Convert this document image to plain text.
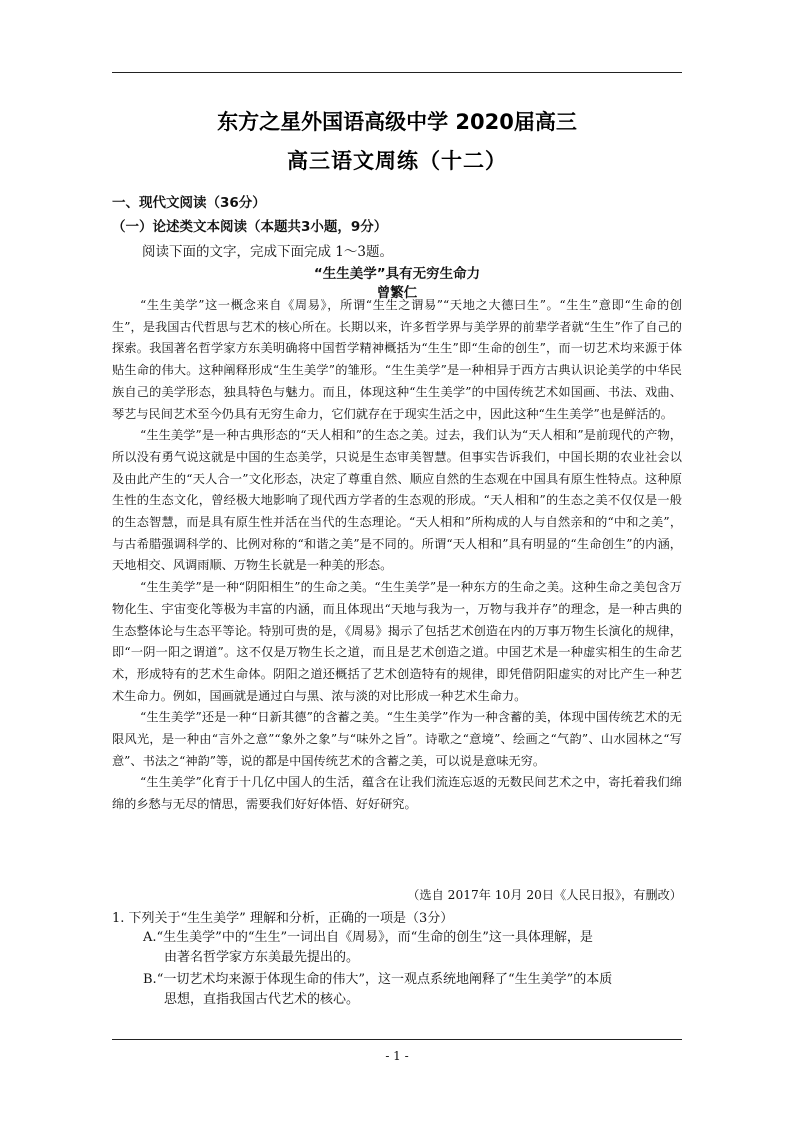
东方之星外国语高级中学 2020届高三
高三语文周练（十二）

一、现代文阅读（36分）

（一）论述类文本阅读（本题共3小题，9分）

阅读下面的文字，完成下面完成 1～3题。

“生生美学”具有无穷生命力

曾繁仁

“生生美学”这一概念来自《周易》，所谓“生生之谓易”“天地之大德曰生”。“生生”意即“生命的创生”，是我国古代哲思与艺术的核心所在。长期以来，许多哲学界与美学界的前辈学者就“生生”作了自己的探索。我国著名哲学家方东美明确将中国哲学精神概括为“生生”即“生命的创生”，而一切艺术均来源于体贴生命的伟大。这种阐释形成“生生美学”的雏形。“生生美学”是一种相异于西方古典认识论美学的中华民族自己的美学形态，独具特色与魅力。而且，体现这种“生生美学”的中国传统艺术如国画、书法、戏曲、琴艺与民间艺术至今仍具有无穷生命力，它们就存在于现实生活之中，因此这种“生生美学”也是鲜活的。

“生生美学”是一种古典形态的“天人相和”的生态之美。过去，我们认为“天人相和”是前现代的产物，所以没有勇气说这就是中国的生态美学，只说是生态审美智慧。但事实告诉我们，中国长期的农业社会以及由此产生的“天人合一”文化形态，决定了尊重自然、顺应自然的生态观在中国具有原生性特点。这种原生性的生态文化，曾经极大地影响了现代西方学者的生态观的形成。“天人相和”的生态之美不仅仅是一般的生态智慧，而是具有原生性并活在当代的生态理论。“天人相和”所构成的人与自然亲和的“中和之美”，与古希腊强调科学的、比例对称的“和谐之美”是不同的。所谓“天人相和”具有明显的“生命创生”的内涵，天地相交、风调雨顺、万物生长就是一种美的形态。

“生生美学”是一种“阴阳相生”的生命之美。“生生美学”是一种东方的生命之美。这种生命之美包含万物化生、宇宙变化等极为丰富的内涵，而且体现出“天地与我为一，万物与我并存”的理念，是一种古典的生态整体论与生态平等论。特别可贵的是，《周易》揭示了包括艺术创造在内的万事万物生长演化的规律，即“一阴一阳之谓道”。这不仅是万物生长之道，而且是艺术创造之道。中国艺术是一种虚实相生的生命艺术，形成特有的艺术生命体。阴阳之道还概括了艺术创造特有的规律，即凭借阴阳虚实的对比产生一种艺术生命力。例如，国画就是通过白与黑、浓与淡的对比形成一种艺术生命力。

“生生美学”还是一种“日新其德”的含蓄之美。“生生美学”作为一种含蓄的美，体现中国传统艺术的无限风光，是一种由“言外之意”“象外之象”与“味外之旨”。诗歌之“意境”、绘画之“气韵”、山水园林之“写意”、书法之“神韵”等，说的都是中国传统艺术的含蓄之美，可以说是意味无穷。

“生生美学”化育于十几亿中国人的生活，蕴含在让我们流连忘返的无数民间艺术之中，寄托着我们绵绵的乡愁与无尽的情思，需要我们好好体悟、好好研究。

（选自 2017年 10月 20日《人民日报》，有删改）
1. 下列关于“生生美学” 理解和分析，正确的一项是（3分）
A.“生生美学”中的“生生”一词出自《周易》，而“生命的创生”这一具体理解，是
由著名哲学家方东美最先提出的。
B.“一切艺术均来源于体现生命的伟大”，这一观点系统地阐释了“生生美学”的本质
思想，直指我国古代艺术的核心。
- 1 -
